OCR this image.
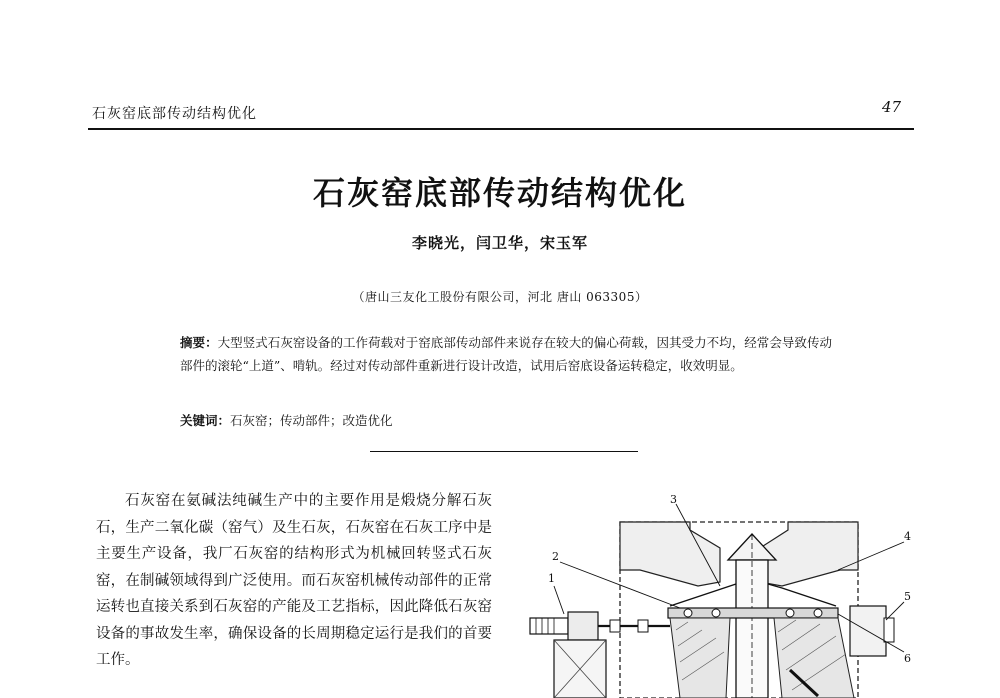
石灰窑底部传动结构优化	47
石灰窑底部传动结构优化
李晓光，闫卫华，宋玉军
（唐山三友化工股份有限公司，河北 唐山 063305）
摘要：大型竖式石灰窑设备的工作荷载对于窑底部传动部件来说存在较大的偏心荷载，因其受力不均，经常会导致传动部件的滚轮“上道”、啃轨。经过对传动部件重新进行设计改造，试用后窑底设备运转稳定，收效明显。
关键词：石灰窑；传动部件；改造优化
石灰窑在氨碱法纯碱生产中的主要作用是煅烧分解石灰石，生产二氧化碳（窑气）及生石灰，石灰窑在石灰工序中是主要生产设备，我厂石灰窑的结构形式为机械回转竖式石灰窑，在制碱领域得到广泛使用。而石灰窑机械传动部件的正常运转也直接关系到石灰窑的产能及工艺指标，因此降低石灰窑设备的事故发生率，确保设备的长周期稳定运行是我们的首要工作。
1
2
3
4
5
6
